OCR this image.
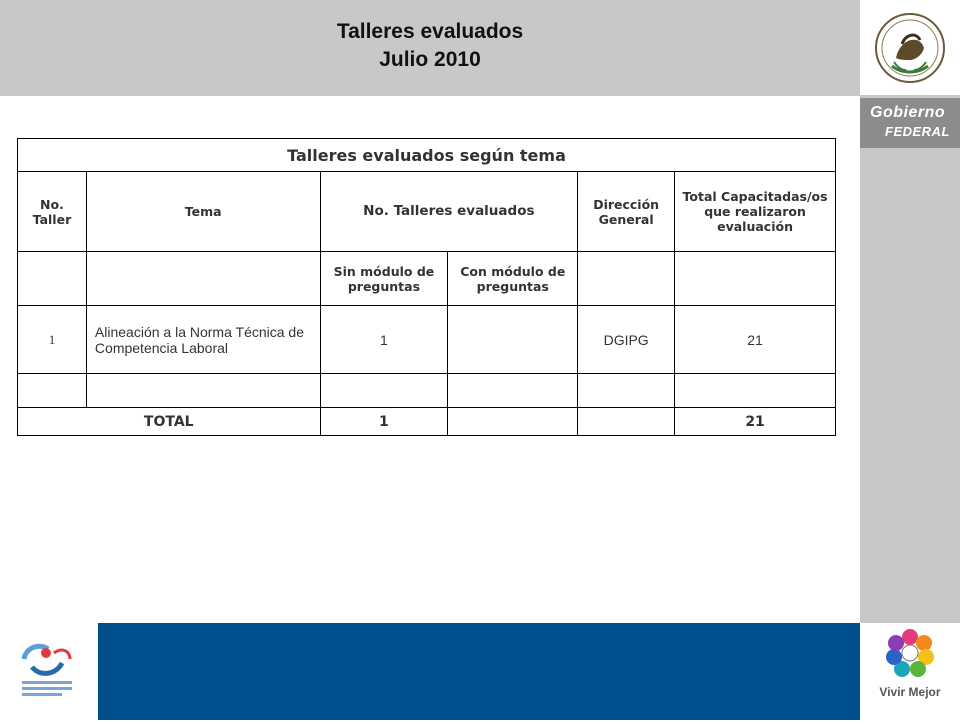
Talleres evaluados
Julio 2010
Gobierno
FEDERAL
Talleres evaluados según tema					
No. Taller	Tema	No. Talleres evaluados		Dirección General	Total Capacitadas/os que realizaron evaluación
		Sin módulo de preguntas	Con módulo de preguntas		
1	Alineación a la Norma Técnica de Competencia Laboral	1		DGIPG	21

TOTAL		1			21
Vivir Mejor
